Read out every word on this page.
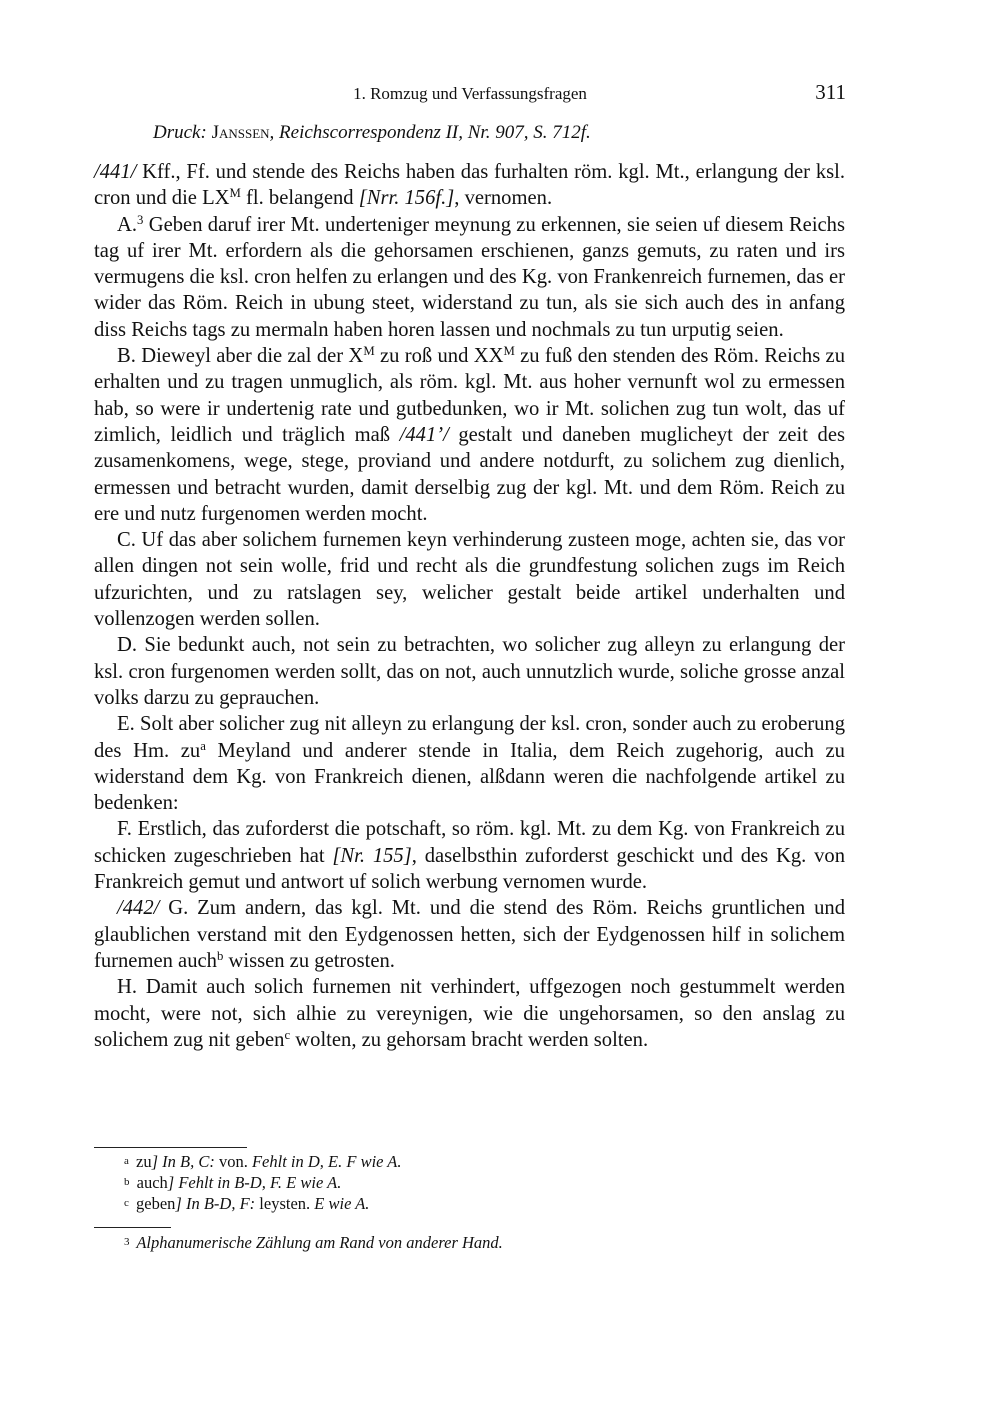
1. Romzug und Verfassungsfragen	311
Druck: Janssen, Reichscorrespondenz II, Nr. 907, S. 712f.

/441/ Kff., Ff. und stende des Reichs haben das furhalten röm. kgl. Mt., erlangung der ksl. cron und die $LX^M$ fl. belangend [Nrr. 156f.], vernomen.

A.$^3$ Geben daruf irer Mt. underteniger meynung zu erkennen, sie seien uf diesem Reichs tag uf irer Mt. erfordern als die gehorsamen erschienen, ganzs gemuts, zu raten und irs vermugens die ksl. cron helfen zu erlangen und des Kg. von Frankenreich furnemen, das er wider das Röm. Reich in ubung steet, widerstand zu tun, als sie sich auch des in anfang diss Reichs tags zu mermaln haben horen lassen und nochmals zu tun urputig seien.

B. Dieweyl aber die zal der $X^M$ zu roß und $XX^M$ zu fuß den stenden des Röm. Reichs zu erhalten und zu tragen unmuglich, als röm. kgl. Mt. aus hoher vernunft wol zu ermessen hab, so were ir undertenig rate und gutbedunken, wo ir Mt. solichen zug tun wolt, das uf zimlich, leidlich und träglich maß /441’/ gestalt und daneben muglicheyt der zeit des zusamenkomens, wege, stege, proviand und andere notdurft, zu solichem zug dienlich, ermessen und betracht wurden, damit derselbig zug der kgl. Mt. und dem Röm. Reich zu ere und nutz furgenomen werden mocht.

C. Uf das aber solichem furnemen keyn verhinderung zusteen moge, achten sie, das vor allen dingen not sein wolle, frid und recht als die grundfestung solichen zugs im Reich ufzurichten, und zu ratslagen sey, welicher gestalt beide artikel underhalten und vollenzogen werden sollen.

D. Sie bedunkt auch, not sein zu betrachten, wo solicher zug alleyn zu erlangung der ksl. cron furgenomen werden sollt, das on not, auch unnutzlich wurde, soliche grosse anzal volks darzu zu geprauchen.

E. Solt aber solicher zug nit alleyn zu erlangung der ksl. cron, sonder auch zu eroberung des Hm. $zu^a$ Meyland und anderer stende in Italia, dem Reich zugehorig, auch zu widerstand dem Kg. von Frankreich dienen, alßdann weren die nachfolgende artikel zu bedenken:

F. Erstlich, das zuforderst die potschaft, so röm. kgl. Mt. zu dem Kg. von Frankreich zu schicken zugeschrieben hat [Nr. 155], daselbsthin zuforderst geschickt und des Kg. von Frankreich gemut und antwort uf solich werbung vernomen wurde.

/442/ G. Zum andern, das kgl. Mt. und die stend des Röm. Reichs gruntlichen und glaublichen verstand mit den Eydgenossen hetten, sich der Eydgenossen hilf in solichem furnemen auch$^b$ wissen zu getrosten.

H. Damit auch solich furnemen nit verhindert, uffgezogen noch gestummelt werden mocht, were not, sich alhie zu vereynigen, wie die ungehorsamen, so den anslag zu solichem zug nit geben$^c$ wolten, zu gehorsam bracht werden solten.

a zu] In B, C: von. Fehlt in D, E. F wie A.

b auch] Fehlt in B-D, F. E wie A.

c geben] In B-D, F: leysten. E wie A.

3 Alphanumerische Zählung am Rand von anderer Hand.
